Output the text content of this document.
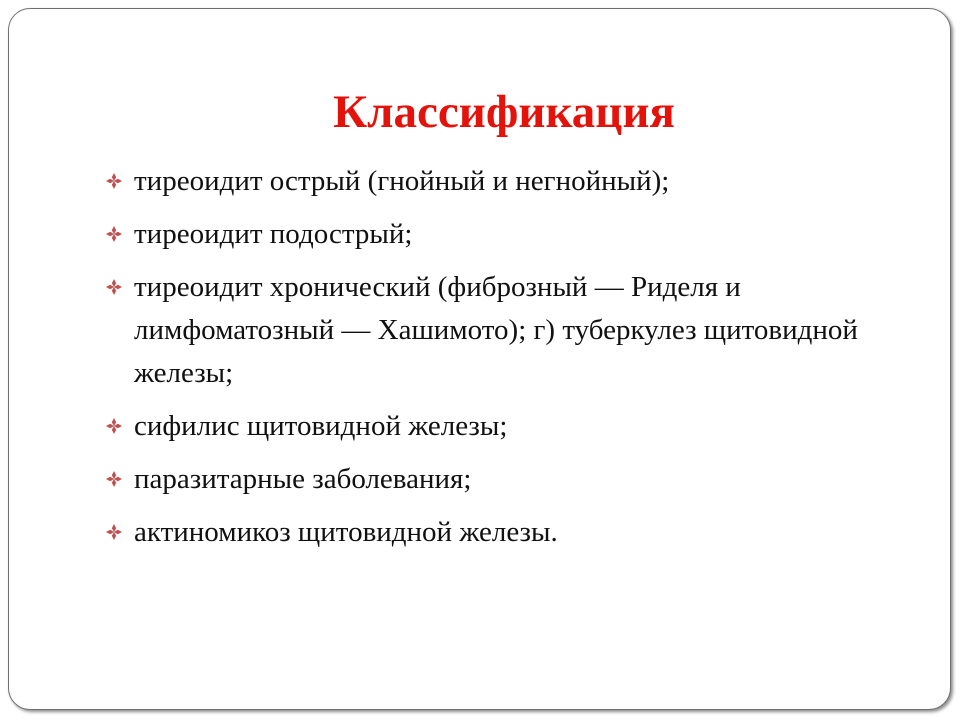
Классификация
тиреоидит острый (гнойный и негнойный);
тиреоидит подострый;
тиреоидит хронический (фиброзный — Риделя и лимфоматозный — Хашимото); г) туберкулез щитовидной железы;
сифилис щитовидной железы;
паразитарные заболевания;
актиномикоз щитовидной железы.
